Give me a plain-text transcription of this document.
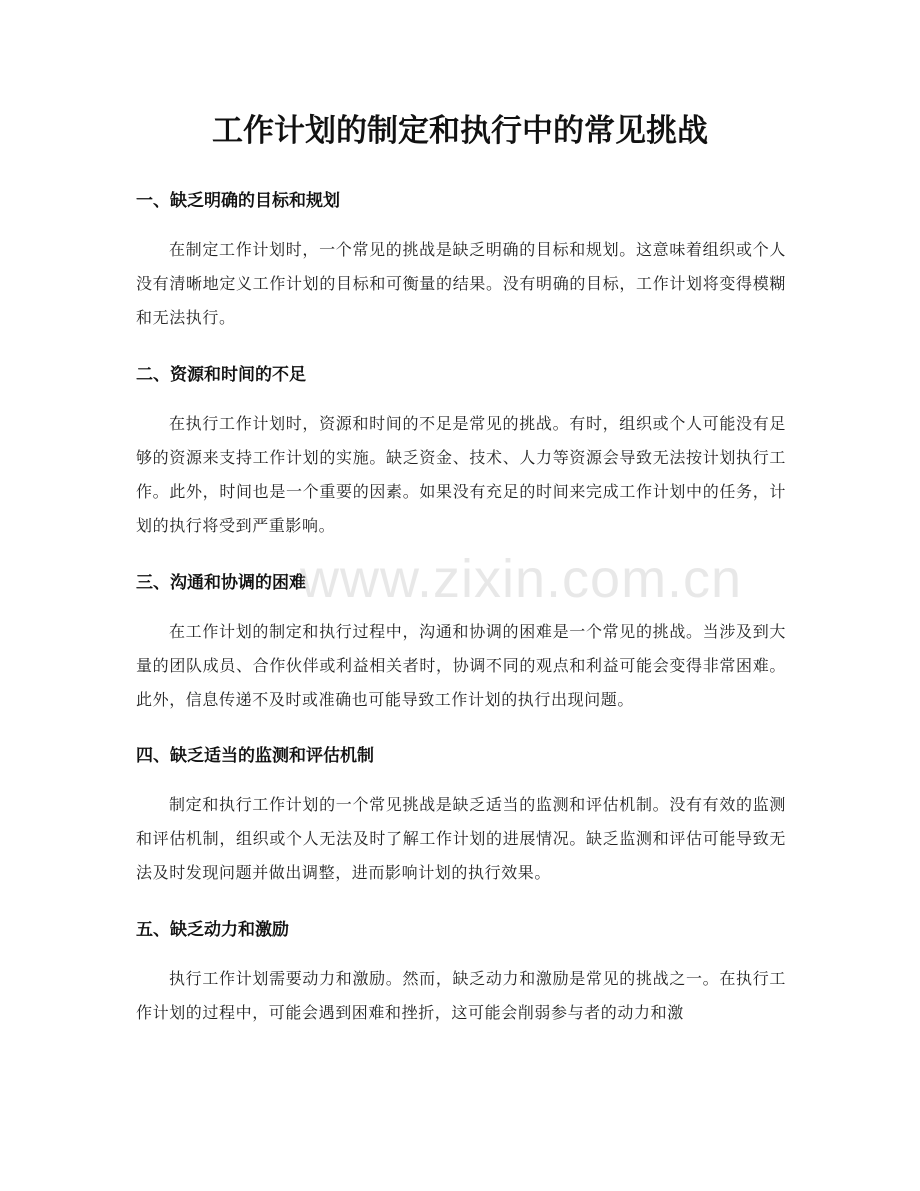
工作计划的制定和执行中的常见挑战
一、缺乏明确的目标和规划

在制定工作计划时，一个常见的挑战是缺乏明确的目标和规划。这意味着组织或个人没有清晰地定义工作计划的目标和可衡量的结果。没有明确的目标，工作计划将变得模糊和无法执行。

二、资源和时间的不足

在执行工作计划时，资源和时间的不足是常见的挑战。有时，组织或个人可能没有足够的资源来支持工作计划的实施。缺乏资金、技术、人力等资源会导致无法按计划执行工作。此外，时间也是一个重要的因素。如果没有充足的时间来完成工作计划中的任务，计划的执行将受到严重影响。

三、沟通和协调的困难

在工作计划的制定和执行过程中，沟通和协调的困难是一个常见的挑战。当涉及到大量的团队成员、合作伙伴或利益相关者时，协调不同的观点和利益可能会变得非常困难。此外，信息传递不及时或准确也可能导致工作计划的执行出现问题。

四、缺乏适当的监测和评估机制

制定和执行工作计划的一个常见挑战是缺乏适当的监测和评估机制。没有有效的监测和评估机制，组织或个人无法及时了解工作计划的进展情况。缺乏监测和评估可能导致无法及时发现问题并做出调整，进而影响计划的执行效果。

五、缺乏动力和激励

执行工作计划需要动力和激励。然而，缺乏动力和激励是常见的挑战之一。在执行工作计划的过程中，可能会遇到困难和挫折，这可能会削弱参与者的动力和激

www.zixin.com.cn
